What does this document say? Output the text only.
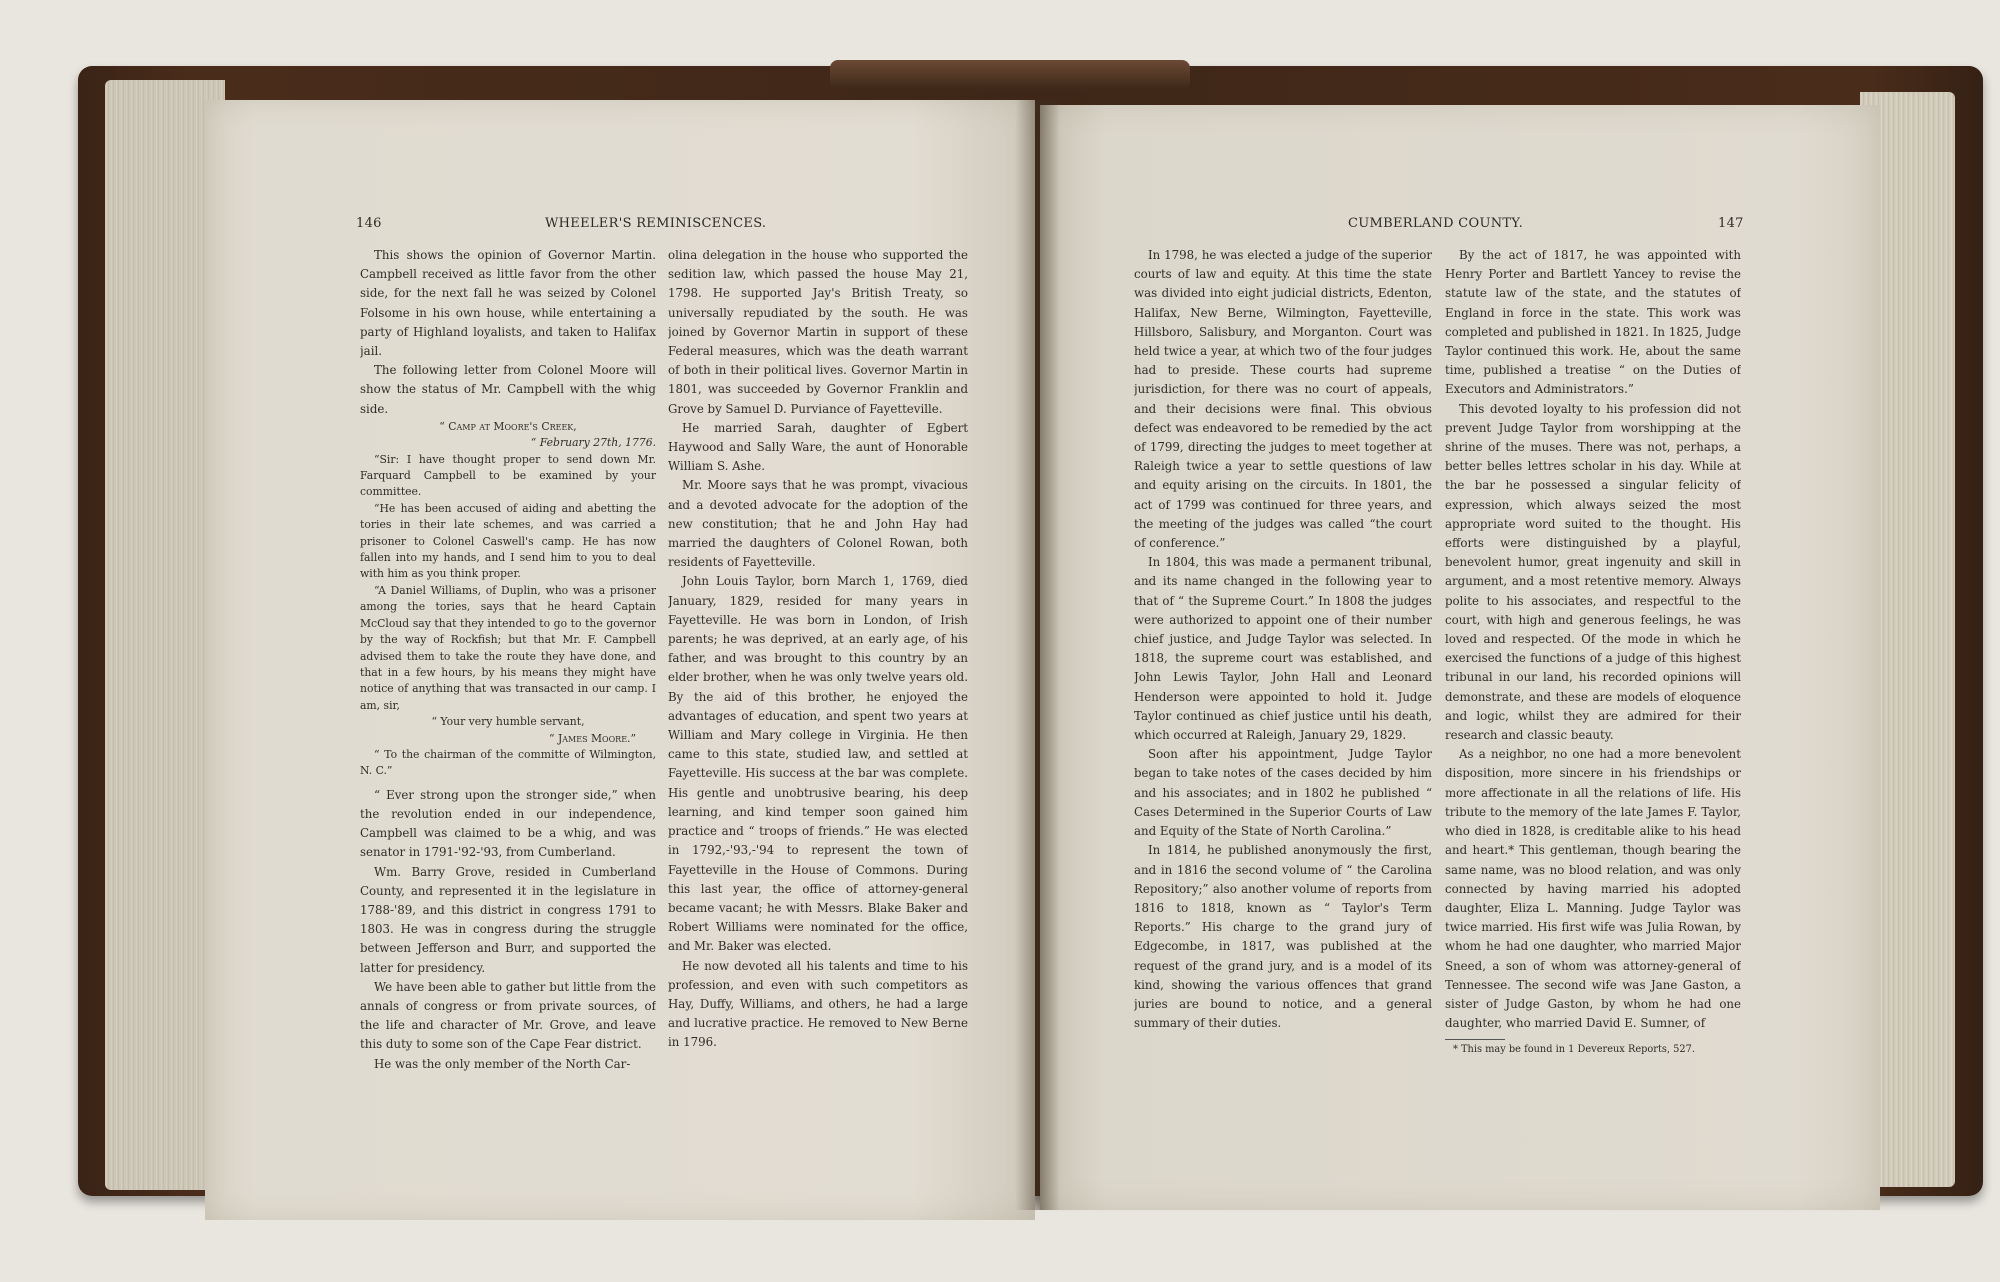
146	WHEELER'S REMINISCENCES.

This shows the opinion of Governor Martin. Campbell received as little favor from the other side, for the next fall he was seized by Colonel Folsome in his own house, while entertaining a party of Highland loyalists, and taken to Halifax jail.

The following letter from Colonel Moore will show the status of Mr. Campbell with the whig side.

“ Camp at Moore's Creek,

“ February 27th, 1776.

“Sir: I have thought proper to send down Mr. Farquard Campbell to be examined by your committee.

“He has been accused of aiding and abetting the tories in their late schemes, and was carried a prisoner to Colonel Caswell's camp. He has now fallen into my hands, and I send him to you to deal with him as you think proper.

“A Daniel Williams, of Duplin, who was a prisoner among the tories, says that he heard Captain McCloud say that they intended to go to the governor by the way of Rockfish; but that Mr. F. Campbell advised them to take the route they have done, and that in a few hours, by his means they might have notice of anything that was transacted in our camp. I am, sir,

“ Your very humble servant,

“ James Moore.”

“ To the chairman of the committe of Wilmington, N. C.”

“ Ever strong upon the stronger side,” when the revolution ended in our independence, Campbell was claimed to be a whig, and was senator in 1791-'92-'93, from Cumberland.

Wm. Barry Grove, resided in Cumberland County, and represented it in the legislature in 1788-'89, and this district in congress 1791 to 1803. He was in congress during the struggle between Jefferson and Burr, and supported the latter for presidency.

We have been able to gather but little from the annals of congress or from private sources, of the life and character of Mr. Grove, and leave this duty to some son of the Cape Fear district.

He was the only member of the North Car-

olina delegation in the house who supported the sedition law, which passed the house May 21, 1798. He supported Jay's British Treaty, so universally repudiated by the south. He was joined by Governor Martin in support of these Federal measures, which was the death warrant of both in their political lives. Governor Martin in 1801, was succeeded by Governor Franklin and Grove by Samuel D. Purviance of Fayetteville.

He married Sarah, daughter of Egbert Haywood and Sally Ware, the aunt of Honorable William S. Ashe.

Mr. Moore says that he was prompt, vivacious and a devoted advocate for the adoption of the new constitution; that he and John Hay had married the daughters of Colonel Rowan, both residents of Fayetteville.

John Louis Taylor, born March 1, 1769, died January, 1829, resided for many years in Fayetteville. He was born in London, of Irish parents; he was deprived, at an early age, of his father, and was brought to this country by an elder brother, when he was only twelve years old. By the aid of this brother, he enjoyed the advantages of education, and spent two years at William and Mary college in Virginia. He then came to this state, studied law, and settled at Fayetteville. His success at the bar was complete. His gentle and unobtrusive bearing, his deep learning, and kind temper soon gained him practice and “ troops of friends.” He was elected in 1792,-'93,-'94 to represent the town of Fayetteville in the House of Commons. During this last year, the office of attorney-general became vacant; he with Messrs. Blake Baker and Robert Williams were nominated for the office, and Mr. Baker was elected.

He now devoted all his talents and time to his profession, and even with such competitors as Hay, Duffy, Williams, and others, he had a large and lucrative practice. He removed to New Berne in 1796.

CUMBERLAND COUNTY.	147

In 1798, he was elected a judge of the superior courts of law and equity. At this time the state was divided into eight judicial districts, Edenton, Halifax, New Berne, Wilmington, Fayetteville, Hillsboro, Salisbury, and Morganton. Court was held twice a year, at which two of the four judges had to preside. These courts had supreme jurisdiction, for there was no court of appeals, and their decisions were final. This obvious defect was endeavored to be remedied by the act of 1799, directing the judges to meet together at Raleigh twice a year to settle questions of law and equity arising on the circuits. In 1801, the act of 1799 was continued for three years, and the meeting of the judges was called “the court of conference.”

In 1804, this was made a permanent tribunal, and its name changed in the following year to that of “ the Supreme Court.” In 1808 the judges were authorized to appoint one of their number chief justice, and Judge Taylor was selected. In 1818, the supreme court was established, and John Lewis Taylor, John Hall and Leonard Henderson were appointed to hold it. Judge Taylor continued as chief justice until his death, which occurred at Raleigh, January 29, 1829.

Soon after his appointment, Judge Taylor began to take notes of the cases decided by him and his associates; and in 1802 he published “ Cases Determined in the Superior Courts of Law and Equity of the State of North Carolina.”

In 1814, he published anonymously the first, and in 1816 the second volume of “ the Carolina Repository;” also another volume of reports from 1816 to 1818, known as “ Taylor's Term Reports.” His charge to the grand jury of Edgecombe, in 1817, was published at the request of the grand jury, and is a model of its kind, showing the various offences that grand juries are bound to notice, and a general summary of their duties.

By the act of 1817, he was appointed with Henry Porter and Bartlett Yancey to revise the statute law of the state, and the statutes of England in force in the state. This work was completed and published in 1821. In 1825, Judge Taylor continued this work. He, about the same time, published a treatise “ on the Duties of Executors and Administrators.”

This devoted loyalty to his profession did not prevent Judge Taylor from worshipping at the shrine of the muses. There was not, perhaps, a better belles lettres scholar in his day. While at the bar he possessed a singular felicity of expression, which always seized the most appropriate word suited to the thought. His efforts were distinguished by a playful, benevolent humor, great ingenuity and skill in argument, and a most retentive memory. Always polite to his associates, and respectful to the court, with high and generous feelings, he was loved and respected. Of the mode in which he exercised the functions of a judge of this highest tribunal in our land, his recorded opinions will demonstrate, and these are models of eloquence and logic, whilst they are admired for their research and classic beauty.

As a neighbor, no one had a more benevolent disposition, more sincere in his friendships or more affectionate in all the relations of life. His tribute to the memory of the late James F. Taylor, who died in 1828, is creditable alike to his head and heart.* This gentleman, though bearing the same name, was no blood relation, and was only connected by having married his adopted daughter, Eliza L. Manning. Judge Taylor was twice married. His first wife was Julia Rowan, by whom he had one daughter, who married Major Sneed, a son of whom was attorney-general of Tennessee. The second wife was Jane Gaston, a sister of Judge Gaston, by whom he had one daughter, who married David E. Sumner, of

* This may be found in 1 Devereux Reports, 527.
